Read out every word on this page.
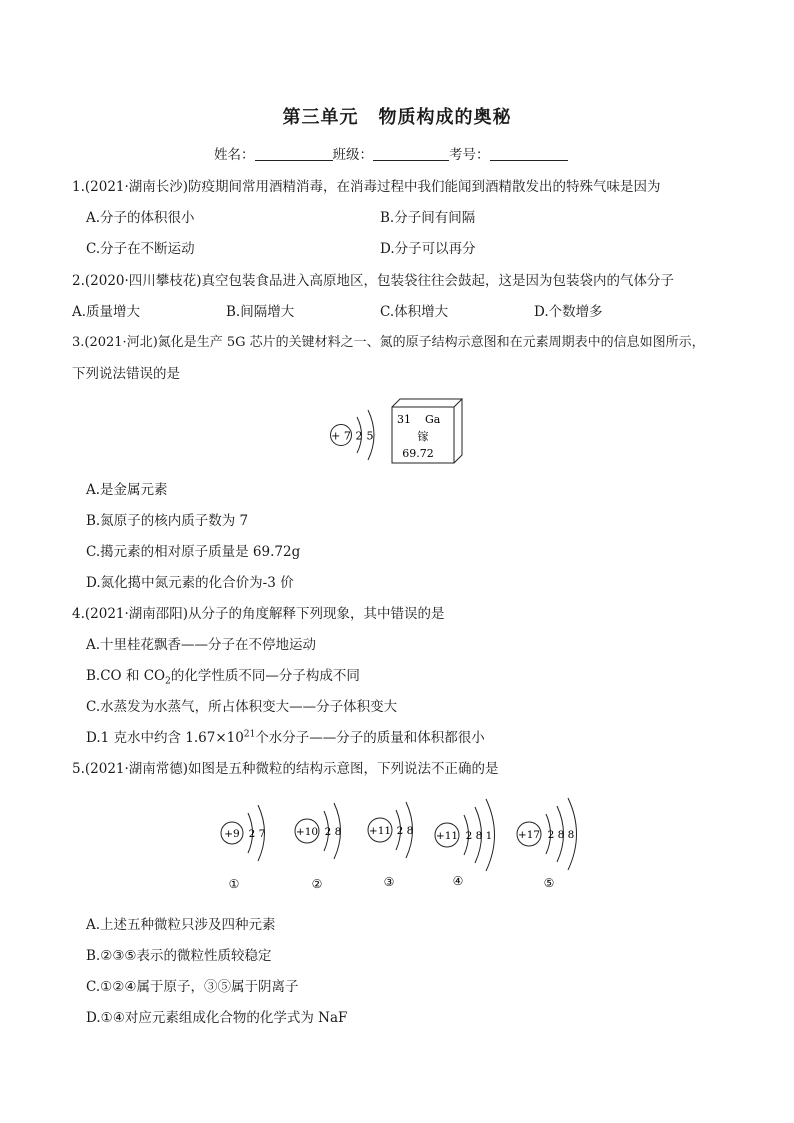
第三单元 物质构成的奥秘
姓名：	班级：	考号：
1.(2021·湖南长沙)防疫期间常用酒精消毒，在消毒过程中我们能闻到酒精散发出的特殊气味是因为
A.分子的体积很小	B.分子间有间隔
C.分子在不断运动	D.分子可以再分
2.(2020·四川攀枝花)真空包装食品进入高原地区，包装袋往往会鼓起，这是因为包装袋内的气体分子
A.质量增大	B.间隔增大	C.体积增大	D.个数增多
3.(2021·河北)氮化是生产 5G 芯片的关键材料之一、氮的原子结构示意图和在元素周期表中的信息如图所示，
下列说法错误的是
+ 7 2 5
31 Ga
镓
69.72
A.是金属元素
B.氮原子的核内质子数为 7
C.擖元素的相对原子质量是 69.72g
D.氮化擖中氮元素的化合价为-3 价
4.(2021·湖南邵阳)从分子的角度解释下列现象，其中错误的是
A.十里桂花飘香——分子在不停地运动
B.CO 和 $CO_2$的化学性质不同—分子构成不同
C.水蒸发为水蒸气，所占体积变大——分子体积变大
D.1 克水中约含 $1.67\times 10^{21}$个水分子——分子的质量和体积都很小
5.(2021·湖南常德)如图是五种微粒的结构示意图，下列说法不正确的是
+9 2 7
①
+10 2 8
②
+11 2 8
③
+11 2 8 1
④
+17 2 8 8
⑤
A.上述五种微粒只涉及四种元素
B.②③⑤表示的微粒性质较稳定
C.①②④属于原子，③⑤属于阴离子
D.①④对应元素组成化合物的化学式为 NaF
